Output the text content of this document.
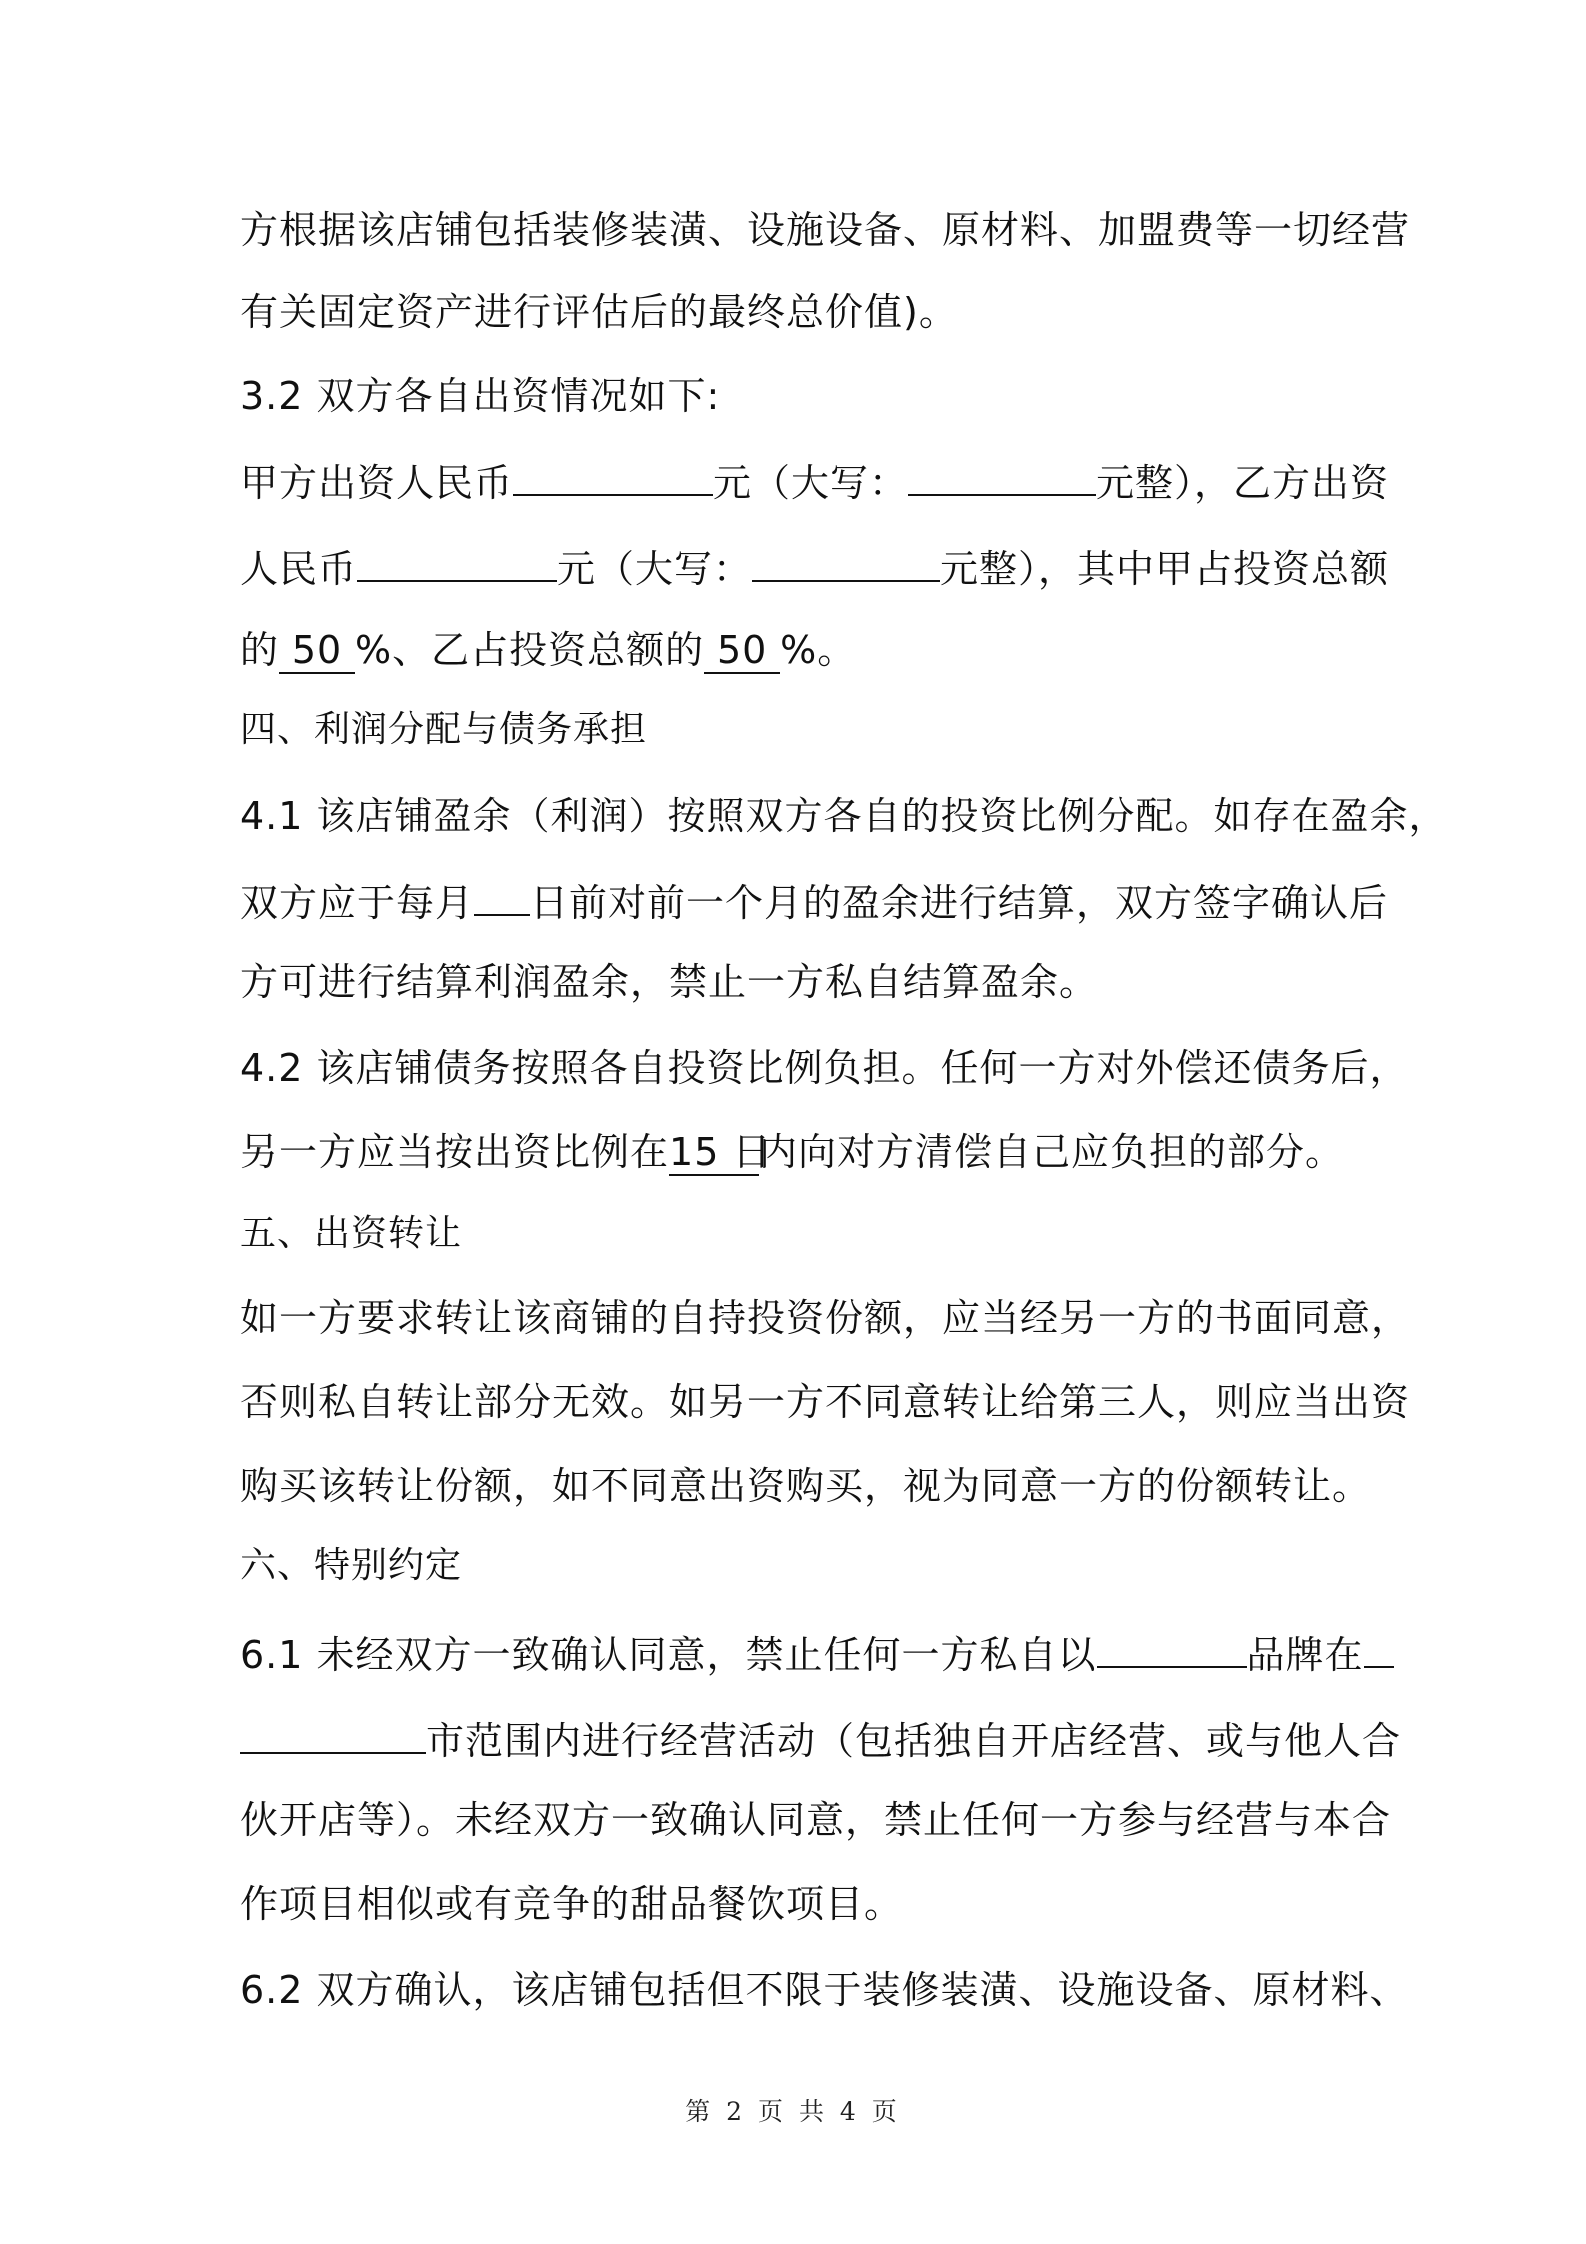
方根据该店铺包括装修装潢、设施设备、原材料、加盟费等一切经营
有关固定资产进行评估后的最终总价值)。
3.2 双方各自出资情况如下:
甲方出资人民币	元（大写：	元整），乙方出资
人民币	元（大写：	元整），其中甲占投资总额
的 50 %、乙占投资总额的 50 %。
四、利润分配与债务承担
4.1 该店铺盈余（利润）按照双方各自的投资比例分配。如存在盈余，
双方应于每月 日前对前一个月的盈余进行结算，双方签字确认后
方可进行结算利润盈余，禁止一方私自结算盈余。
4.2 该店铺债务按照各自投资比例负担。任何一方对外偿还债务后，
另一方应当按出资比例在15 日内向对方清偿自己应负担的部分。
五、出资转让
如一方要求转让该商铺的自持投资份额，应当经另一方的书面同意，
否则私自转让部分无效。如另一方不同意转让给第三人，则应当出资
购买该转让份额，如不同意出资购买，视为同意一方的份额转让。
六、特别约定
6.1 未经双方一致确认同意，禁止任何一方私自以	品牌在
市范围内进行经营活动（包括独自开店经营、或与他人合
伙开店等）。未经双方一致确认同意，禁止任何一方参与经营与本合
作项目相似或有竞争的甜品餐饮项目。
6.2 双方确认，该店铺包括但不限于装修装潢、设施设备、原材料、
第 2 页 共 4 页
